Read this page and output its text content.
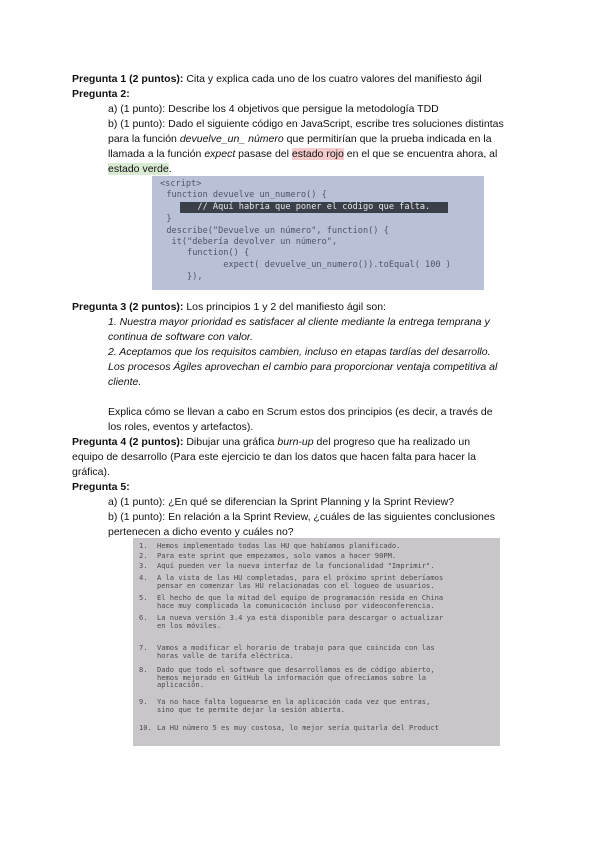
Pregunta 1 (2 puntos): Cita y explica cada uno de los cuatro valores del manifiesto ágil
Pregunta 2:
a) (1 punto): Describe los 4 objetivos que persigue la metodología TDD
b) (1 punto): Dado el siguiente código en JavaScript, escribe tres soluciones distintas
para la función devuelve_un_ número que permitirían que la prueba indicada en la
llamada a la función expect pasase del estado rojo en el que se encuentra ahora, al
estado verde.
<script>
function devuelve un_numero() {
// Aquí habría que poner el código que falta.
}
describe("Devuelve un número", function() {
it("debería devolver un número",
function() {
expect( devuelve_un_numero()).toEqual( 100 )
}),
Pregunta 3 (2 puntos): Los principios 1 y 2 del manifiesto ágil son:
1. Nuestra mayor prioridad es satisfacer al cliente mediante la entrega temprana y
continua de software con valor.
2. Aceptamos que los requisitos cambien, incluso en etapas tardías del desarrollo.
Los procesos Ágiles aprovechan el cambio para proporcionar ventaja competitiva al
cliente.
Explica cómo se llevan a cabo en Scrum estos dos principios (es decir, a través de
los roles, eventos y artefactos).
Pregunta 4 (2 puntos): Dibujar una gráfica burn-up del progreso que ha realizado un
equipo de desarrollo (Para este ejercicio te dan los datos que hacen falta para hacer la
gráfica).
Pregunta 5:
a) (1 punto): ¿En qué se diferencian la Sprint Planning y la Sprint Review?
b) (1 punto): En relación a la Sprint Review, ¿cuáles de las siguientes conclusiones
pertenecen a dicho evento y cuáles no?
1. Hemos implementado todas las HU que habíamos planificado.
2. Para este sprint que empezamos, solo vamos a hacer 90PM.
3. Aquí pueden ver la nueva interfaz de la funcionalidad "Imprimir".
4. A la vista de las HU completadas, para el próximo sprint deberíamos
pensar en comenzar las HU relacionadas con el logueo de usuarios.
5. El hecho de que la mitad del equipo de programación resida en China
hace muy complicada la comunicación incluso por videoconferencia.
6. La nueva versión 3.4 ya está disponible para descargar o actualizar
en los móviles.
7. Vamos a modificar el horario de trabajo para que coincida con las
horas valle de tarifa eléctrica.
8. Dado que todo el software que desarrollamos es de código abierto,
hemos mejorado en GitHub la información que ofrecíamos sobre la
aplicación.
9. Ya no hace falta loguearse en la aplicación cada vez que entras,
sino que te permite dejar la sesión abierta.
10. La HU número 5 es muy costosa, lo mejor sería quitarla del Product
